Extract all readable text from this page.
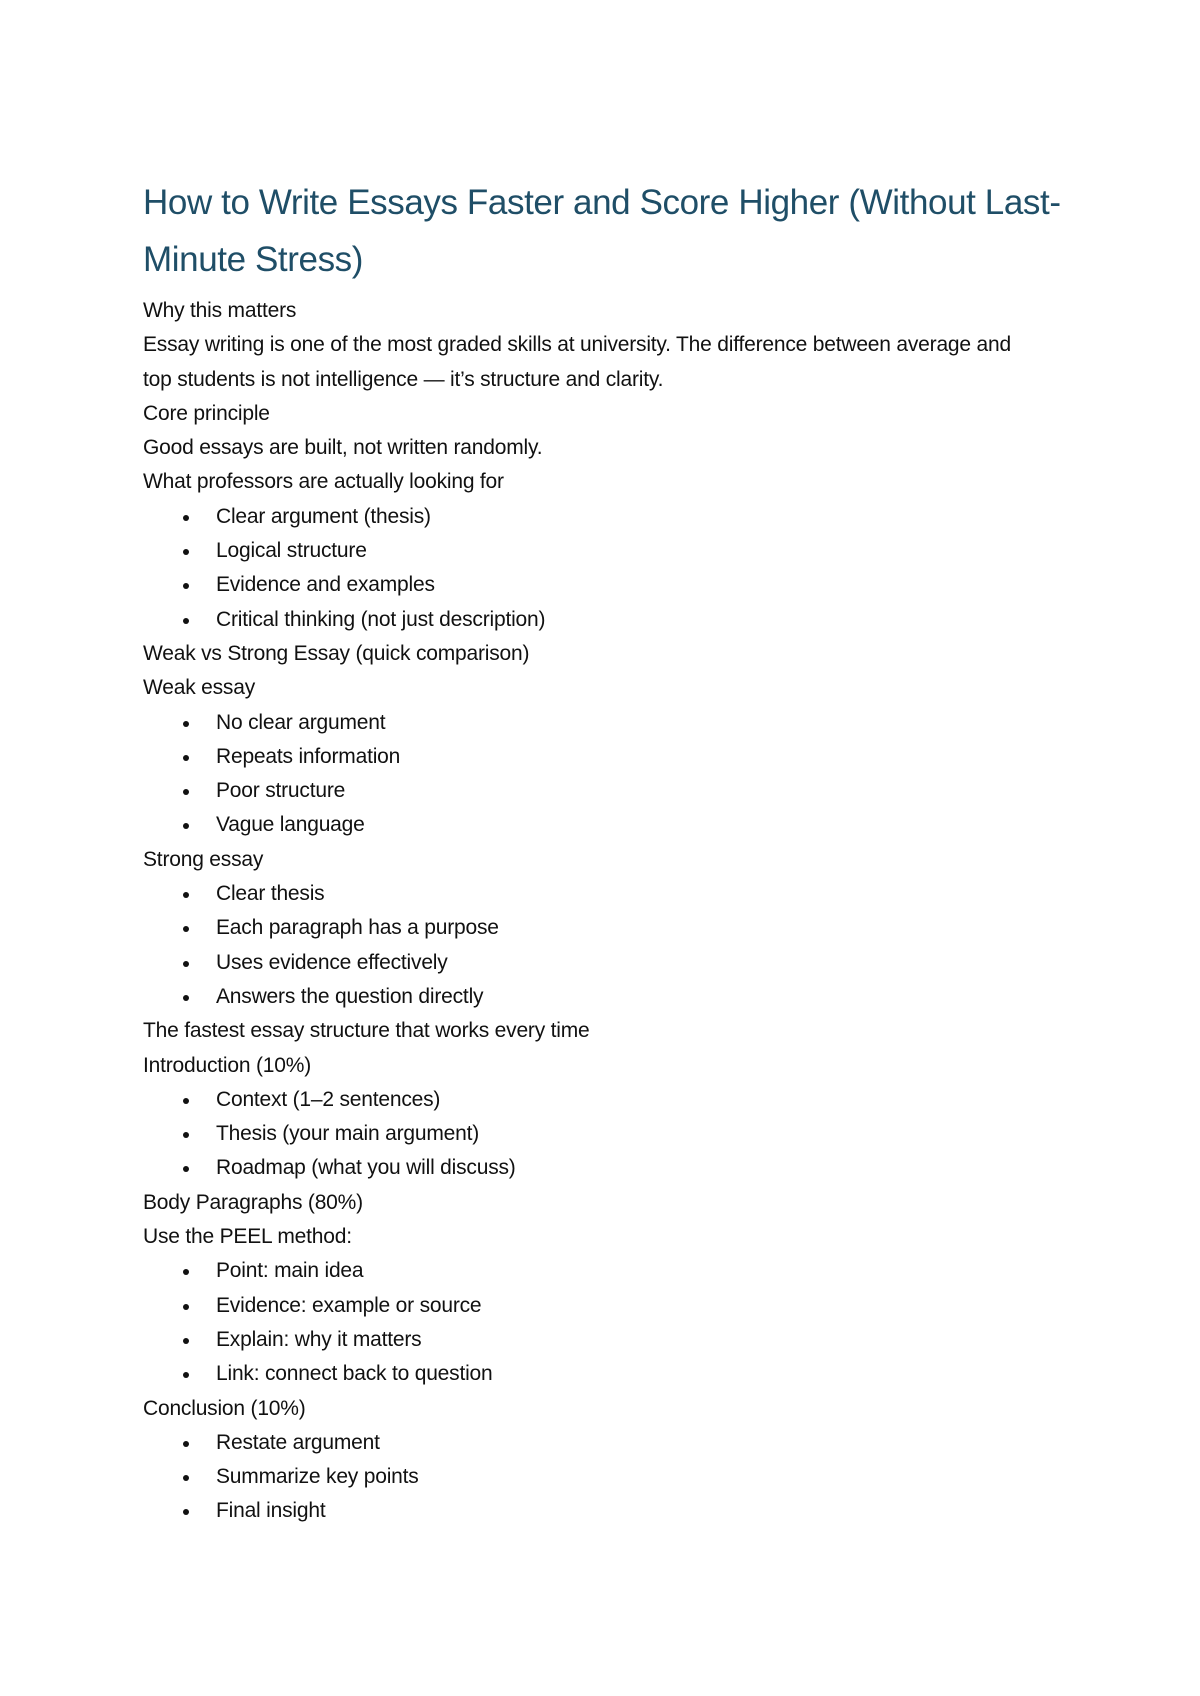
How to Write Essays Faster and Score Higher (Without Last-Minute Stress)

Why this matters

Essay writing is one of the most graded skills at university. The difference between average and top students is not intelligence — it’s structure and clarity.

Core principle

Good essays are built, not written randomly.

What professors are actually looking for

Clear argument (thesis)
Logical structure
Evidence and examples
Critical thinking (not just description)

Weak vs Strong Essay (quick comparison)

Weak essay

No clear argument
Repeats information
Poor structure
Vague language

Strong essay

Clear thesis
Each paragraph has a purpose
Uses evidence effectively
Answers the question directly

The fastest essay structure that works every time

Introduction (10%)

Context (1–2 sentences)
Thesis (your main argument)
Roadmap (what you will discuss)

Body Paragraphs (80%)

Use the PEEL method:

Point: main idea
Evidence: example or source
Explain: why it matters
Link: connect back to question

Conclusion (10%)

Restate argument
Summarize key points
Final insight
